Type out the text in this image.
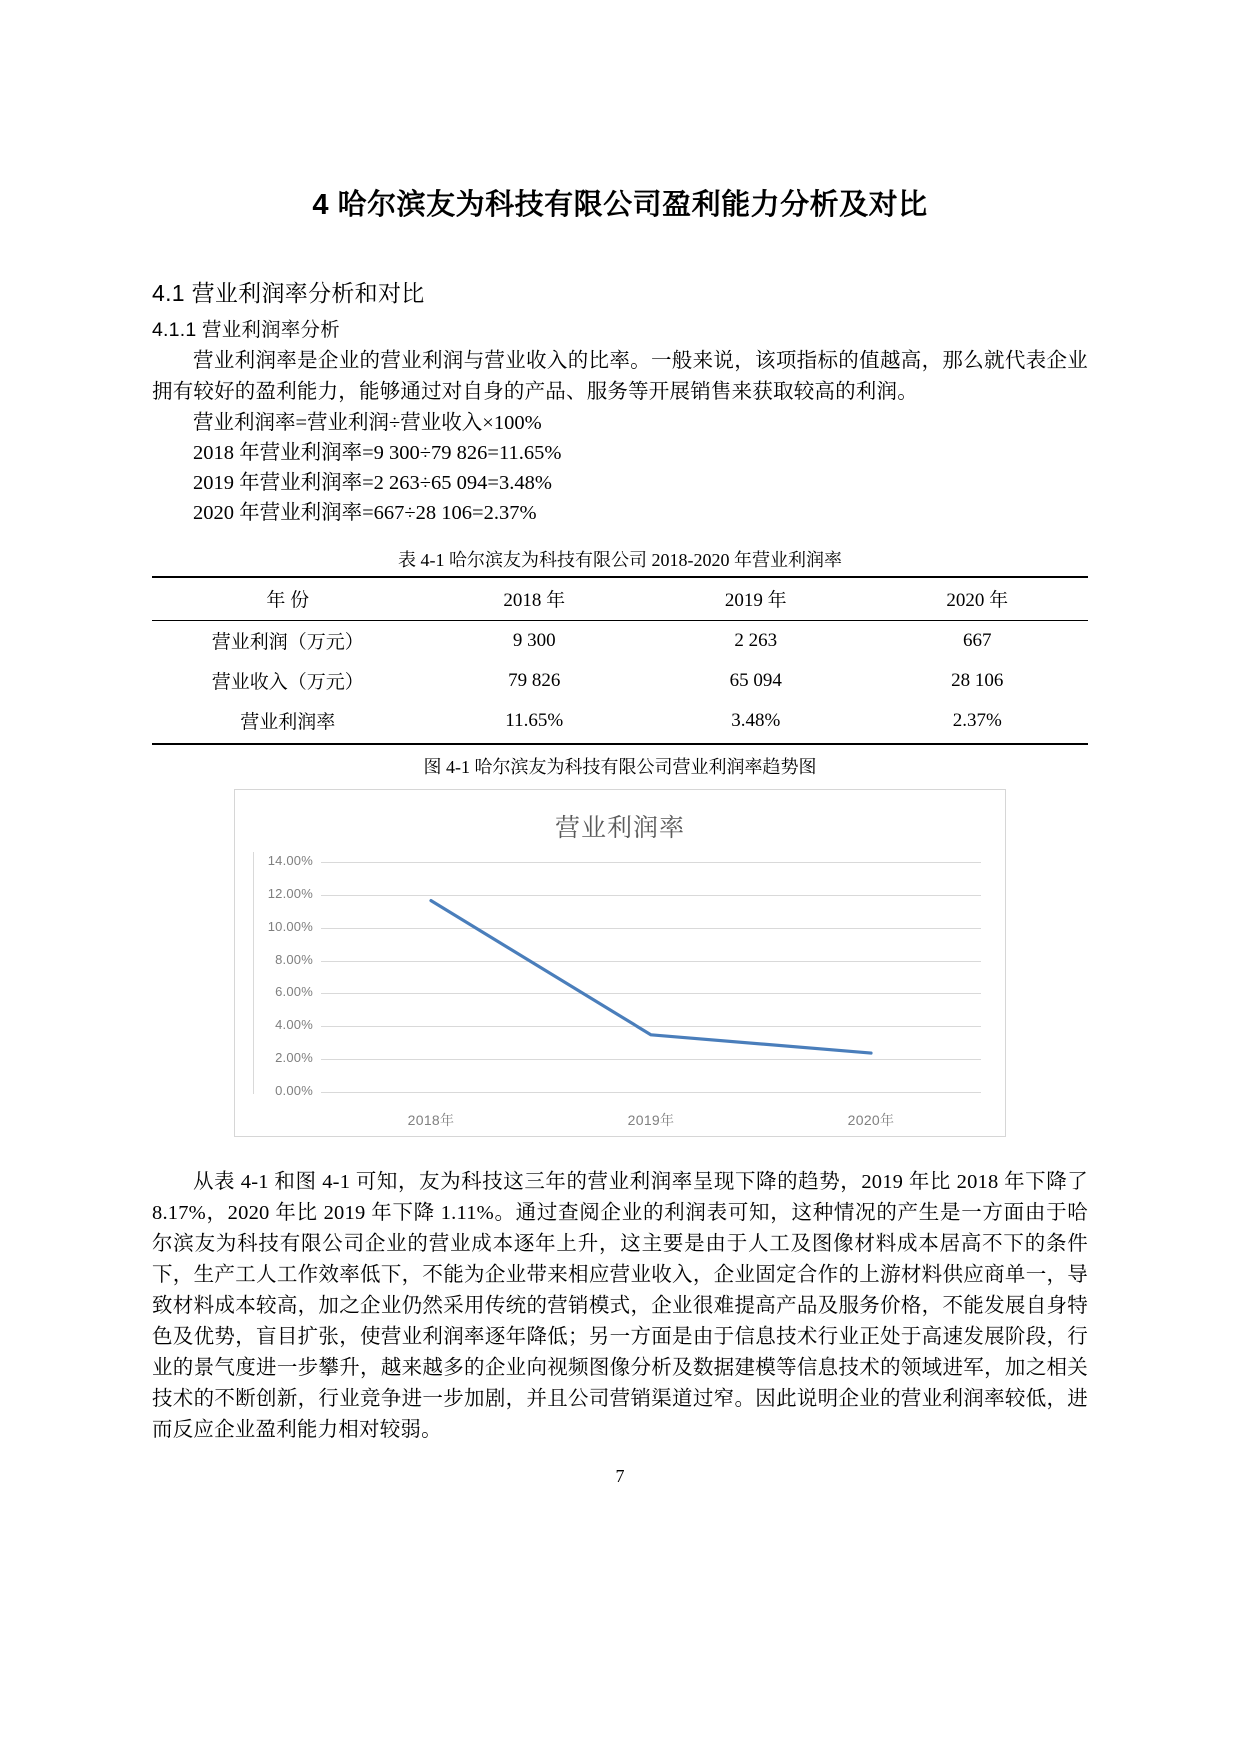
4 哈尔滨友为科技有限公司盈利能力分析及对比
4.1 营业利润率分析和对比
4.1.1 营业利润率分析

营业利润率是企业的营业利润与营业收入的比率。一般来说，该项指标的值越高，那么就代表企业拥有较好的盈利能力，能够通过对自身的产品、服务等开展销售来获取较高的利润。

营业利润率=营业利润÷营业收入×100%

2018 年营业利润率=9 300÷79 826=11.65%

2019 年营业利润率=2 263÷65 094=3.48%

2020 年营业利润率=667÷28 106=2.37%

表 4-1 哈尔滨友为科技有限公司 2018-2020 年营业利润率

年 份	2018 年	2019 年	2020 年
营业利润（万元）	9 300	2 263	667
营业收入（万元）	79 826	65 094	28 106
营业利润率	11.65%	3.48%	2.37%

图 4-1 哈尔滨友为科技有限公司营业利润率趋势图

营业利润率
14.00%
12.00%
10.00%
8.00%
6.00%
4.00%
2.00%
0.00%
2018年	2019年	2020年

从表 4-1 和图 4-1 可知，友为科技这三年的营业利润率呈现下降的趋势，2019 年比 2018 年下降了 8.17%，2020 年比 2019 年下降 1.11%。通过查阅企业的利润表可知，这种情况的产生是一方面由于哈尔滨友为科技有限公司企业的营业成本逐年上升，这主要是由于人工及图像材料成本居高不下的条件下，生产工人工作效率低下，不能为企业带来相应营业收入，企业固定合作的上游材料供应商单一，导致材料成本较高，加之企业仍然采用传统的营销模式，企业很难提高产品及服务价格，不能发展自身特色及优势，盲目扩张，使营业利润率逐年降低；另一方面是由于信息技术行业正处于高速发展阶段，行业的景气度进一步攀升，越来越多的企业向视频图像分析及数据建模等信息技术的领域进军，加之相关技术的不断创新，行业竞争进一步加剧，并且公司营销渠道过窄。因此说明企业的营业利润率较低，进而反应企业盈利能力相对较弱。

7
